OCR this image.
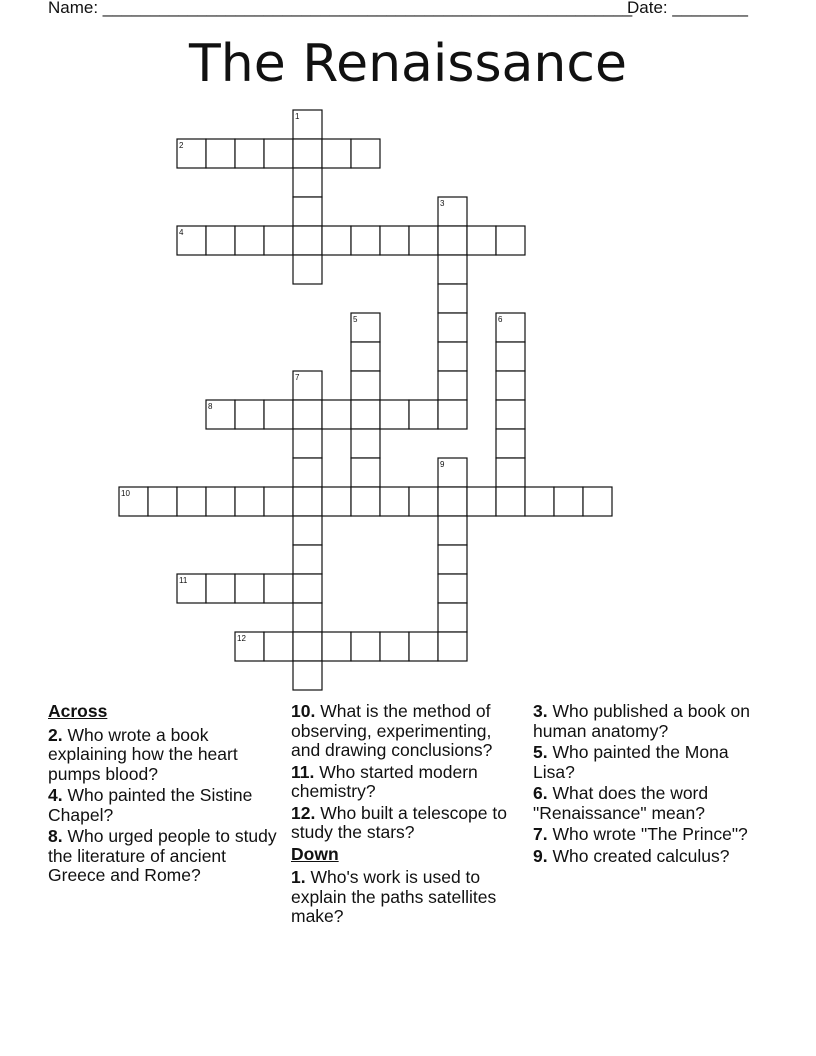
Name: ________________________________________________________
Date: ________
The Renaissance
1
2
3
4
5	6
7
8
9
10
11
12
Across
2. Who wrote a book explaining how the heart pumps blood?
4. Who painted the Sistine Chapel?
8. Who urged people to study the literature of ancient Greece and Rome?
10. What is the method of observing, experimenting, and drawing conclusions?
11. Who started modern chemistry?
12. Who built a telescope to study the stars?
Down
1. Who's work is used to explain the paths satellites make?
3. Who published a book on human anatomy?
5. Who painted the Mona Lisa?
6. What does the word "Renaissance" mean?
7. Who wrote "The Prince"?
9. Who created calculus?
